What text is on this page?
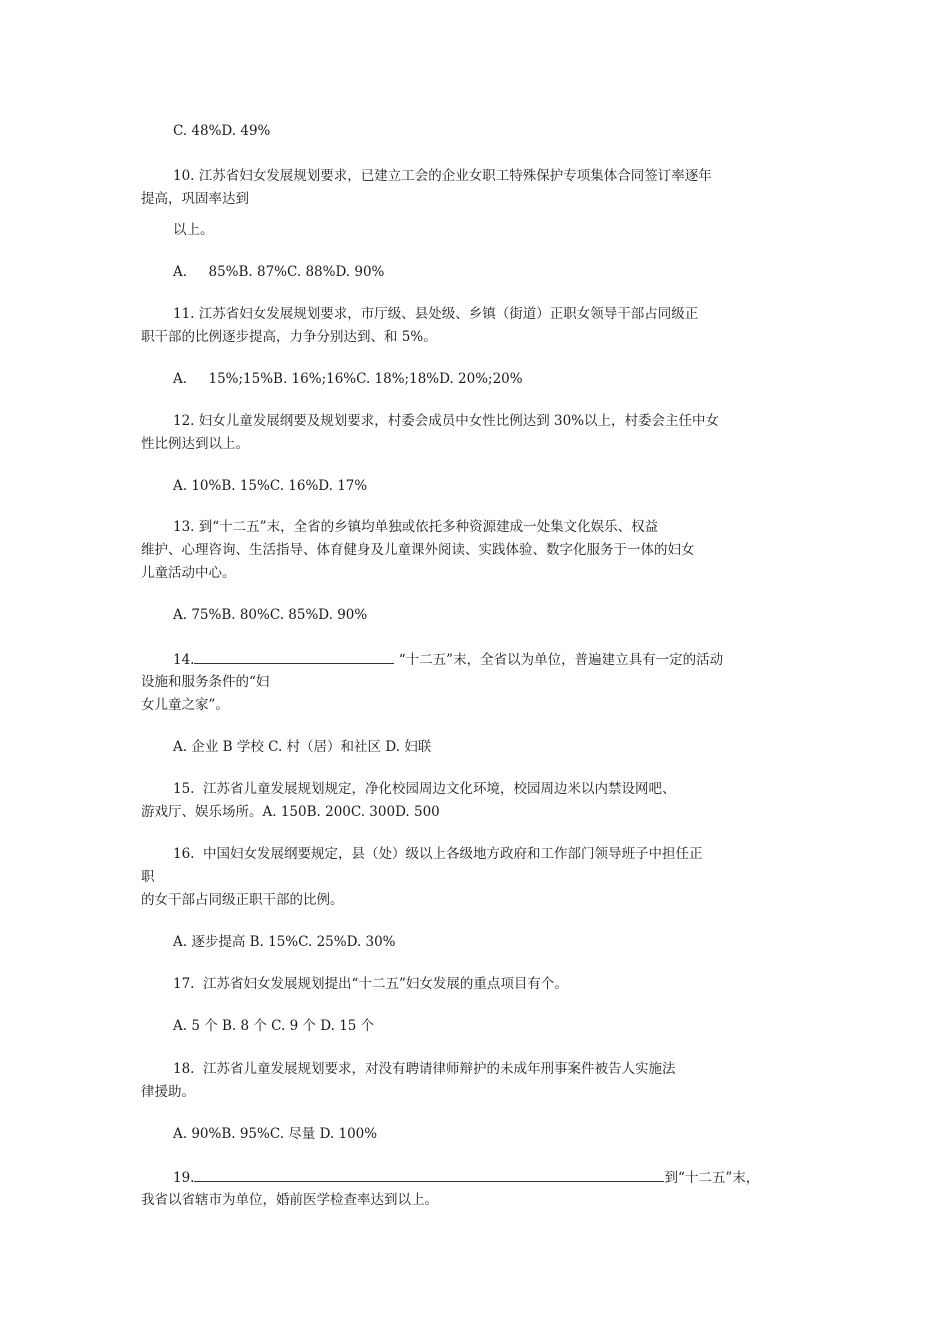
C. 48%D. 49%
10. 江苏省妇女发展规划要求，已建立工会的企业女职工特殊保护专项集体合同签订率逐年
提高，巩固率达到
以上。
A.     85%B. 87%C. 88%D. 90%
11. 江苏省妇女发展规划要求，市厅级、县处级、乡镇（街道）正职女领导干部占同级正
职干部的比例逐步提高，力争分别达到、和 5%。
A.     15%;15%B. 16%;16%C. 18%;18%D. 20%;20%
12. 妇女儿童发展纲要及规划要求，村委会成员中女性比例达到 30%以上，村委会主任中女
性比例达到以上。
A. 10%B. 15%C. 16%D. 17%
13. 到“十二五”末，全省的乡镇均单独或依托多种资源建成一处集文化娱乐、权益
维护、心理咨询、生活指导、体育健身及儿童课外阅读、实践体验、数字化服务于一体的妇女
儿童活动中心。
A. 75%B. 80%C. 85%D. 90%
14.	“十二五”末，全省以为单位，普遍建立具有一定的活动
设施和服务条件的“妇
女儿童之家”。
A. 企业 B 学校 C. 村（居）和社区 D. 妇联
15.  江苏省儿童发展规划规定，净化校园周边文化环境，校园周边米以内禁设网吧、
游戏厅、娱乐场所。A. 150B. 200C. 300D. 500
16.  中国妇女发展纲要规定，县（处）级以上各级地方政府和工作部门领导班子中担任正
职
的女干部占同级正职干部的比例。
A. 逐步提高 B. 15%C. 25%D. 30%
17.  江苏省妇女发展规划提出“十二五”妇女发展的重点项目有个。
A. 5 个 B. 8 个 C. 9 个 D. 15 个
18.  江苏省儿童发展规划要求，对没有聘请律师辩护的未成年刑事案件被告人实施法
律援助。
A. 90%B. 95%C. 尽量 D. 100%
19.	到“十二五”末，
我省以省辖市为单位，婚前医学检查率达到以上。
